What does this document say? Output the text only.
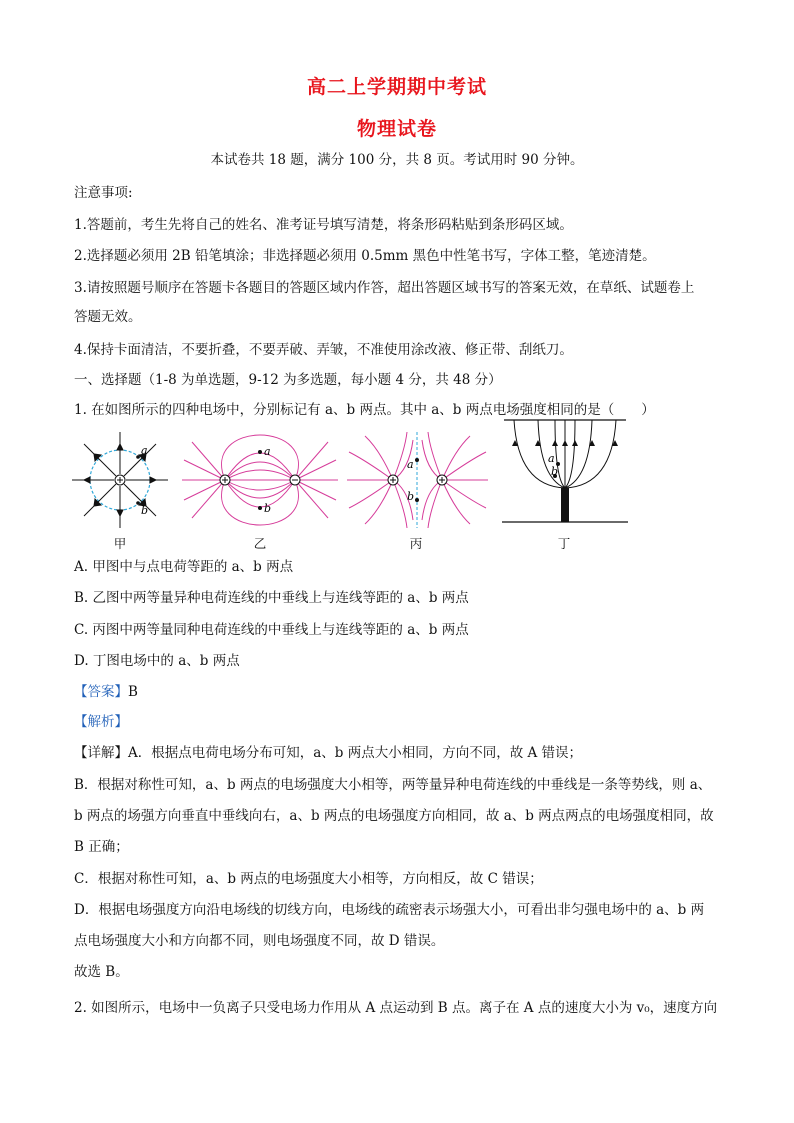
高二上学期期中考试
物理试卷
本试卷共 18 题，满分 100 分，共 8 页。考试用时 90 分钟。
注意事项:
1.答题前，考生先将自己的姓名、准考证号填写清楚，将条形码粘贴到条形码区域。
2.选择题必须用 2B 铅笔填涂；非选择题必须用 0.5mm 黑色中性笔书写，字体工整，笔迹清楚。
3.请按照题号顺序在答题卡各题目的答题区域内作答，超出答题区域书写的答案无效，在草纸、试题卷上
答题无效。
4.保持卡面清洁，不要折叠，不要弄破、弄皱，不准使用涂改液、修正带、刮纸刀。
一、选择题（1-8 为单选题，9-12 为多选题，每小题 4 分，共 48 分）
1. 在如图所示的四种电场中，分别标记有 a、b 两点。其中 a、b 两点电场强度相同的是（　　）
a
b
甲
a
b
乙
a
b
丙
a
b
丁
A. 甲图中与点电荷等距的 a、b 两点
B. 乙图中两等量异种电荷连线的中垂线上与连线等距的 a、b 两点
C. 丙图中两等量同种电荷连线的中垂线上与连线等距的 a、b 两点
D. 丁图电场中的 a、b 两点
【答案】B
【解析】
【详解】A．根据点电荷电场分布可知，a、b 两点大小相同，方向不同，故 A 错误；
B．根据对称性可知，a、b 两点的电场强度大小相等，两等量异种电荷连线的中垂线是一条等势线，则 a、
b 两点的场强方向垂直中垂线向右，a、b 两点的电场强度方向相同，故 a、b 两点两点的电场强度相同，故
B 正确；
C．根据对称性可知，a、b 两点的电场强度大小相等，方向相反，故 C 错误；
D．根据电场强度方向沿电场线的切线方向，电场线的疏密表示场强大小，可看出非匀强电场中的 a、b 两
点电场强度大小和方向都不同，则电场强度不同，故 D 错误。
故选 B。
2. 如图所示，电场中一负离子只受电场力作用从 A 点运动到 B 点。离子在 A 点的速度大小为 v₀，速度方向
